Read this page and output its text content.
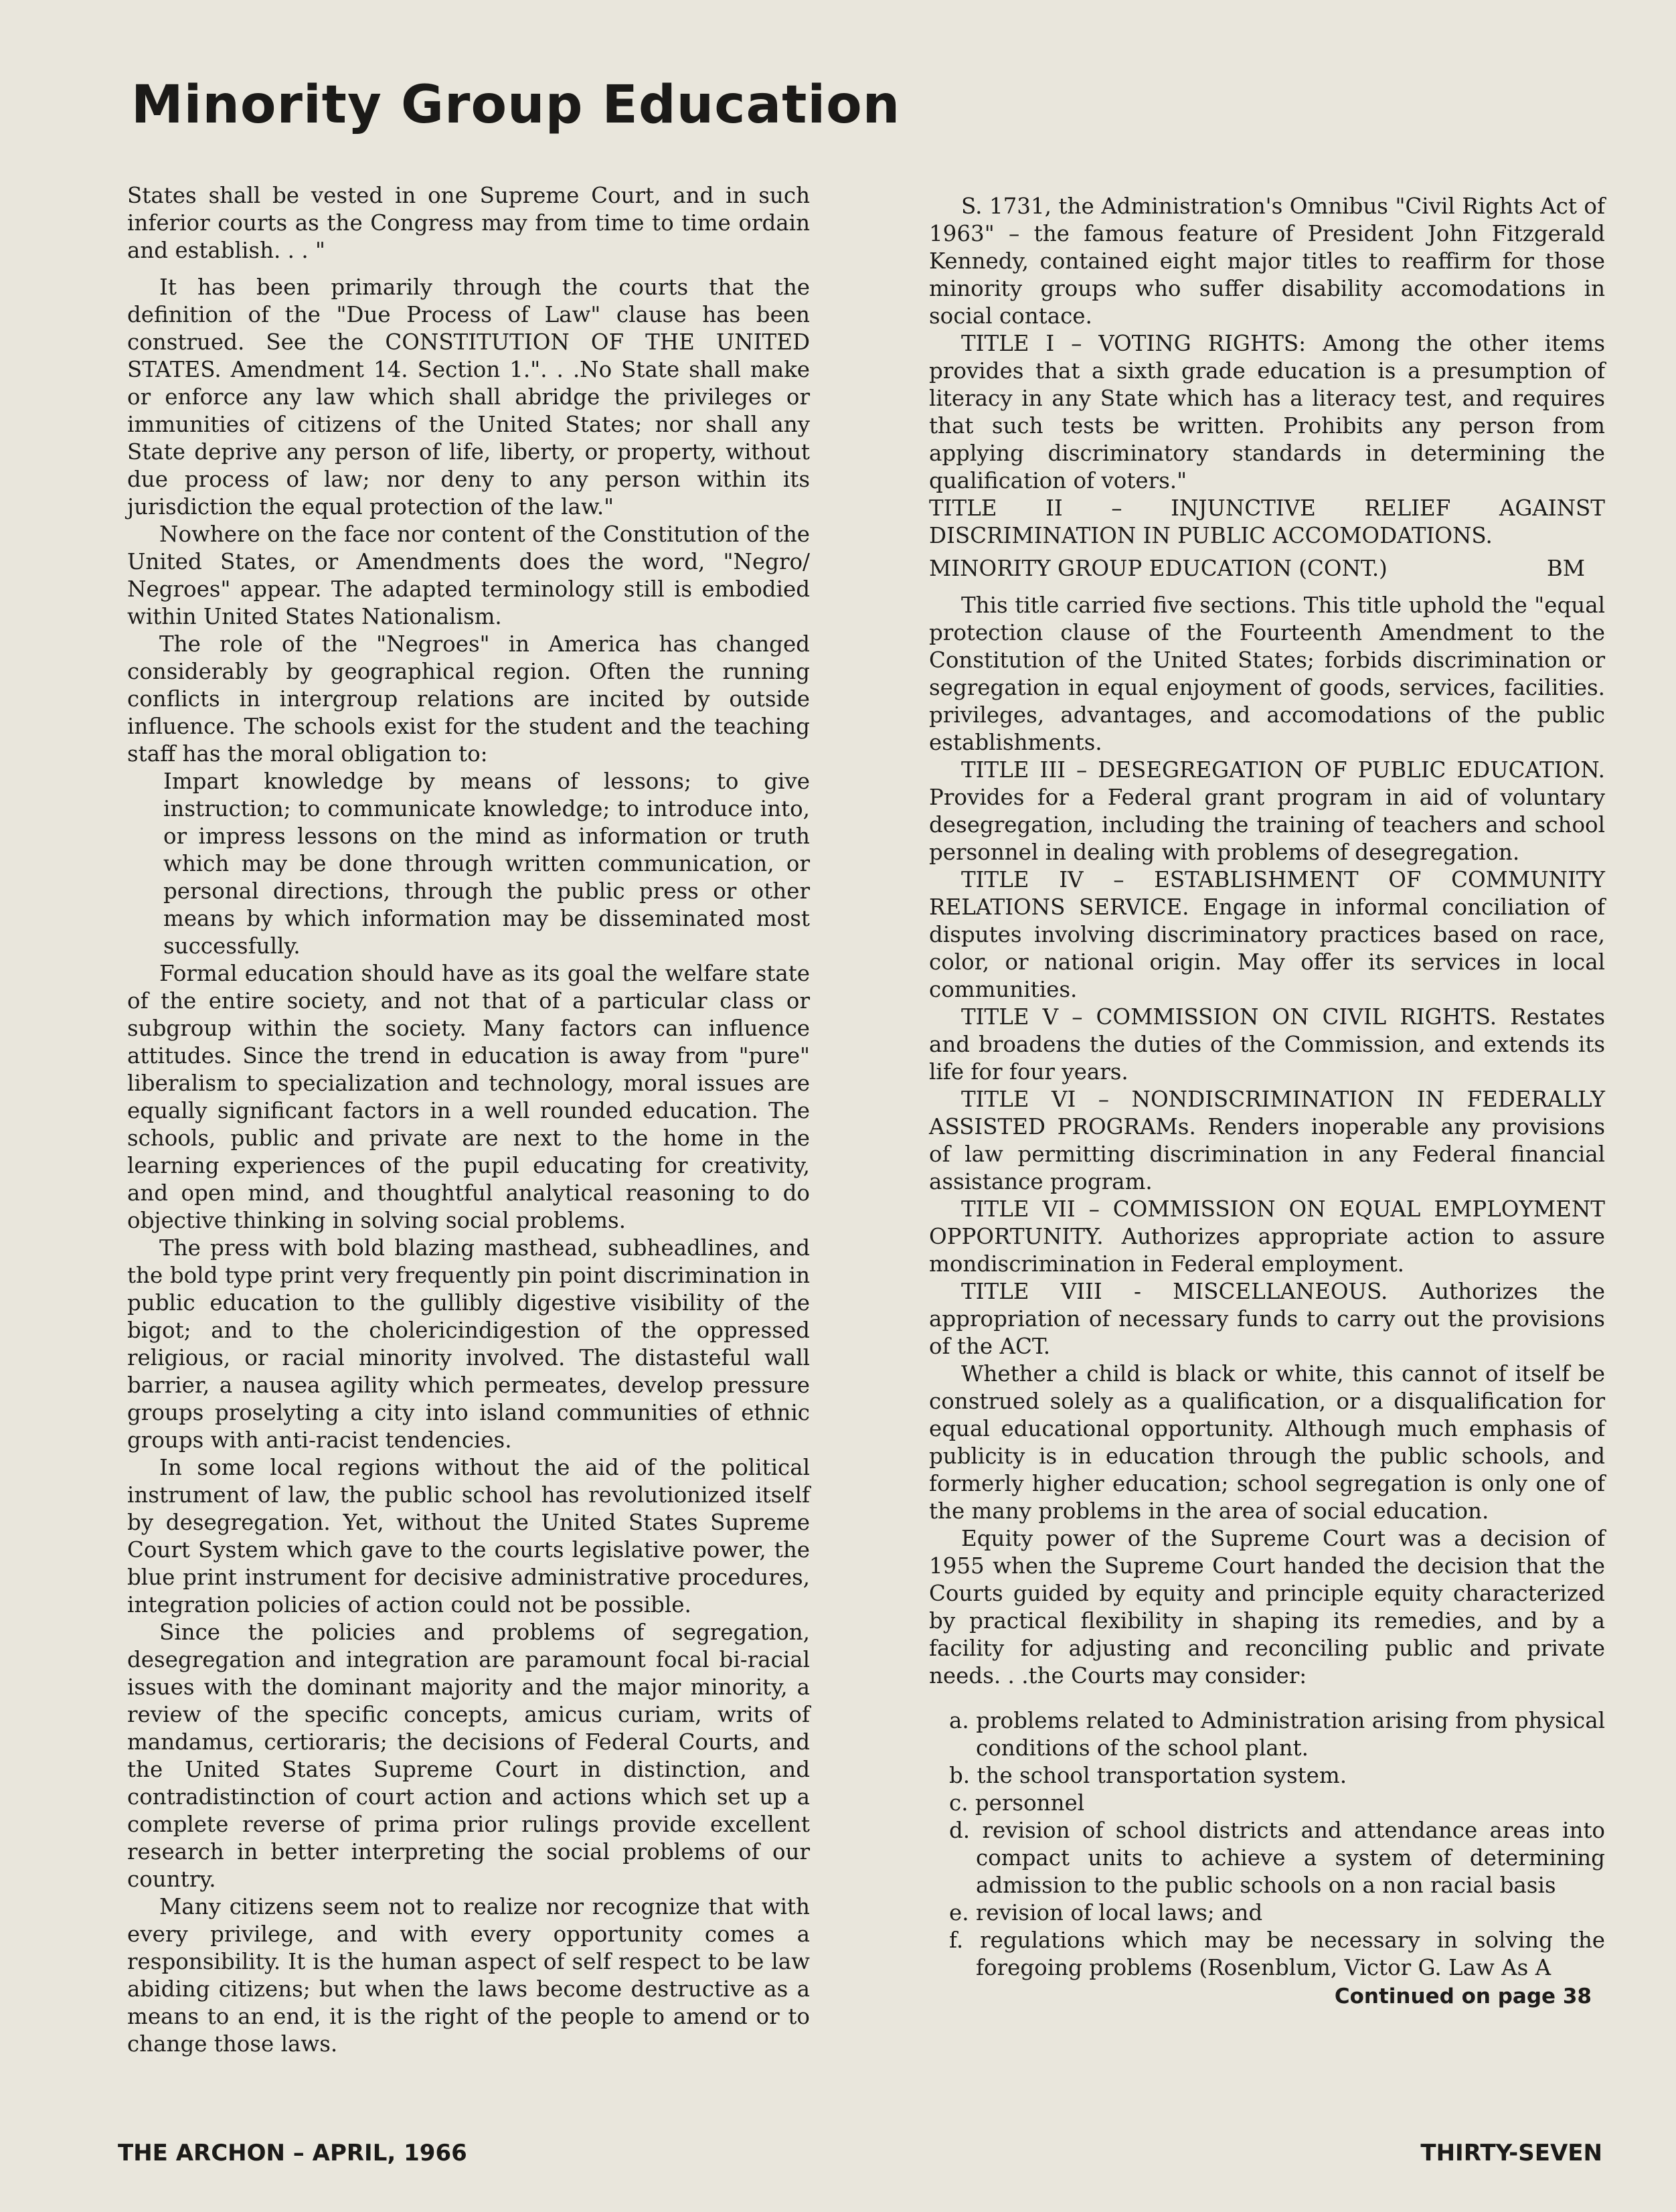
Minority Group Education

States shall be vested in one Supreme Court, and in such inferior courts as the Congress may from time to time ordain and establish. . . "

It has been primarily through the courts that the definition of the "Due Process of Law" clause has been construed. See the CONSTITUTION OF THE UNITED STATES. Amendment 14. Section 1.". . .No State shall make or enforce any law which shall abridge the privileges or immunities of citizens of the United States; nor shall any State deprive any person of life, liberty, or property, without due process of law; nor deny to any person within its jurisdiction the equal protection of the law."

Nowhere on the face nor content of the Constitution of the United States, or Amendments does the word, "Negro/ Negroes" appear. The adapted terminology still is embodied within United States Nationalism.

The role of the "Negroes" in America has changed considerably by geographical region. Often the running conflicts in intergroup relations are incited by outside influence. The schools exist for the student and the teaching staff has the moral obligation to:

Impart knowledge by means of lessons; to give instruction; to communicate knowledge; to introduce into, or impress lessons on the mind as information or truth which may be done through written communication, or personal directions, through the public press or other means by which information may be disseminated most successfully.

Formal education should have as its goal the welfare state of the entire society, and not that of a particular class or subgroup within the society. Many factors can influence attitudes. Since the trend in education is away from "pure" liberalism to specialization and technology, moral issues are equally significant factors in a well rounded education. The schools, public and private are next to the home in the learning experiences of the pupil educating for creativity, and open mind, and thoughtful analytical reasoning to do objective thinking in solving social problems.

The press with bold blazing masthead, subheadlines, and the bold type print very frequently pin point discrimination in public education to the gullibly digestive visibility of the bigot; and to the cholericindigestion of the oppressed religious, or racial minority involved. The distasteful wall barrier, a nausea agility which permeates, develop pressure groups proselyting a city into island communities of ethnic groups with anti-racist tendencies.

In some local regions without the aid of the political instrument of law, the public school has revolutionized itself by desegregation. Yet, without the United States Supreme Court System which gave to the courts legislative power, the blue print instrument for decisive administrative procedures, integration policies of action could not be possible.

Since the policies and problems of segregation, desegregation and integration are paramount focal bi-racial issues with the dominant majority and the major minority, a review of the specific concepts, amicus curiam, writs of mandamus, certioraris; the decisions of Federal Courts, and the United States Supreme Court in distinction, and contradistinction of court action and actions which set up a complete reverse of prima prior rulings provide excellent research in better interpreting the social problems of our country.

Many citizens seem not to realize nor recognize that with every privilege, and with every opportunity comes a responsibility. It is the human aspect of self respect to be law abiding citizens; but when the laws become destructive as a means to an end, it is the right of the people to amend or to change those laws.

S. 1731, the Administration's Omnibus "Civil Rights Act of 1963" – the famous feature of President John Fitzgerald Kennedy, contained eight major titles to reaffirm for those minority groups who suffer disability accomodations in social contace.

TITLE I – VOTING RIGHTS: Among the other items provides that a sixth grade education is a presumption of literacy in any State which has a literacy test, and requires that such tests be written. Prohibits any person from applying discriminatory standards in determining the qualification of voters."

TITLE II – INJUNCTIVE RELIEF AGAINST DISCRIMINATION IN PUBLIC ACCOMODATIONS.

MINORITY GROUP EDUCATION (CONT.)	BM

This title carried five sections. This title uphold the "equal protection clause of the Fourteenth Amendment to the Constitution of the United States; forbids discrimination or segregation in equal enjoyment of goods, services, facilities. privileges, advantages, and accomodations of the public establishments.

TITLE III – DESEGREGATION OF PUBLIC EDUCATION. Provides for a Federal grant program in aid of voluntary desegregation, including the training of teachers and school personnel in dealing with problems of desegregation.

TITLE IV – ESTABLISHMENT OF COMMUNITY RELATIONS SERVICE. Engage in informal conciliation of disputes involving discriminatory practices based on race, color, or national origin. May offer its services in local communities.

TITLE V – COMMISSION ON CIVIL RIGHTS. Restates and broadens the duties of the Commission, and extends its life for four years.

TITLE VI – NONDISCRIMINATION IN FEDERALLY ASSISTED PROGRAMs. Renders inoperable any provisions of law permitting discrimination in any Federal financial assistance program.

TITLE VII – COMMISSION ON EQUAL EMPLOYMENT OPPORTUNITY. Authorizes appropriate action to assure mondiscrimination in Federal employment.

TITLE VIII - MISCELLANEOUS. Authorizes the appropriation of necessary funds to carry out the provisions of the ACT.

Whether a child is black or white, this cannot of itself be construed solely as a qualification, or a disqualification for equal educational opportunity. Although much emphasis of publicity is in education through the public schools, and formerly higher education; school segregation is only one of the many problems in the area of social education.

Equity power of the Supreme Court was a decision of 1955 when the Supreme Court handed the decision that the Courts guided by equity and principle equity characterized by practical flexibility in shaping its remedies, and by a facility for adjusting and reconciling public and private needs. . .the Courts may consider:

a. problems related to Administration arising from physical conditions of the school plant.
b. the school transportation system.
c. personnel
d. revision of school districts and attendance areas into compact units to achieve a system of determining admission to the public schools on a non racial basis
e. revision of local laws; and
f. regulations which may be necessary in solving the foregoing problems (Rosenblum, Victor G. Law As A

Continued on page 38

THE ARCHON – APRIL, 1966	THIRTY-SEVEN
